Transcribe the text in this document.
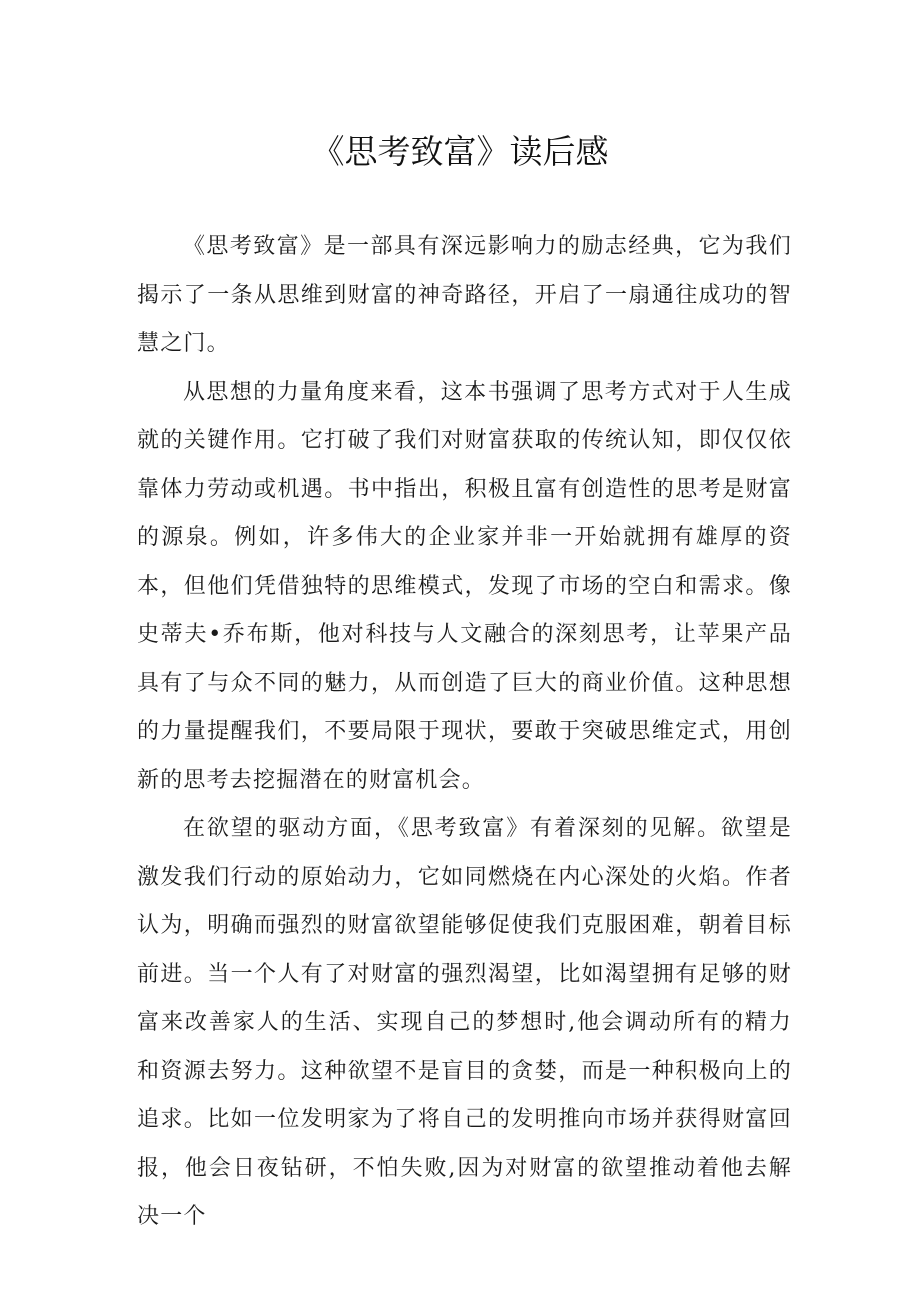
《思考致富》读后感

《思考致富》是一部具有深远影响力的励志经典，它为我们揭示了一条从思维到财富的神奇路径，开启了一扇通往成功的智慧之门。

从思想的力量角度来看，这本书强调了思考方式对于人生成就的关键作用。它打破了我们对财富获取的传统认知，即仅仅依靠体力劳动或机遇。书中指出，积极且富有创造性的思考是财富的源泉。例如，许多伟大的企业家并非一开始就拥有雄厚的资本，但他们凭借独特的思维模式，发现了市场的空白和需求。像史蒂夫•乔布斯，他对科技与人文融合的深刻思考，让苹果产品具有了与众不同的魅力，从而创造了巨大的商业价值。这种思想的力量提醒我们，不要局限于现状，要敢于突破思维定式，用创新的思考去挖掘潜在的财富机会。

在欲望的驱动方面，《思考致富》有着深刻的见解。欲望是激发我们行动的原始动力，它如同燃烧在内心深处的火焰。作者认为，明确而强烈的财富欲望能够促使我们克服困难，朝着目标前进。当一个人有了对财富的强烈渴望，比如渴望拥有足够的财富来改善家人的生活、实现自己的梦想时,他会调动所有的精力和资源去努力。这种欲望不是盲目的贪婪，而是一种积极向上的追求。比如一位发明家为了将自己的发明推向市场并获得财富回报，他会日夜钻研，不怕失败,因为对财富的欲望推动着他去解决一个
